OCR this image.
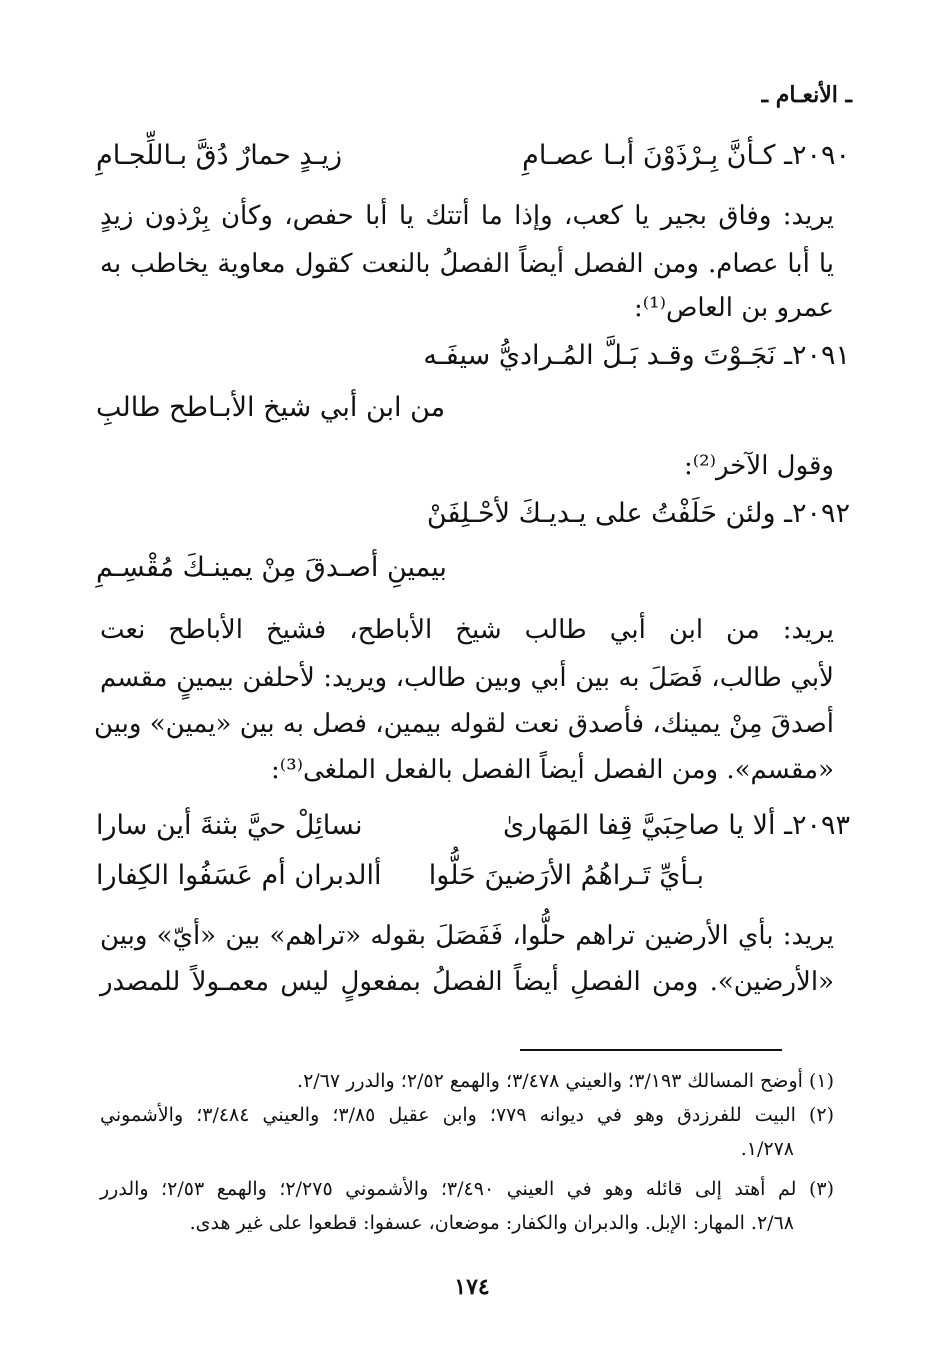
ـ الأنعـام ـ
٢٠٩٠ـ كـأنَّ بِـرْذَوْنَ أبـا عصـامِ
زيـدٍ حمارٌ دُقَّ بـاللِّجـامِ
يريد: وفاق بجير يا كعب، وإذا ما أتتك يا أبا حفص، وكأن بِرْذون زيدٍ
يا أبا عصام. ومن الفصل أيضاً الفصلُ بالنعت كقول معاوية يخاطب به
عمرو بن العاص⁽¹⁾:
٢٠٩١ـ نَجَـوْتَ وقـد بَـلَّ المُـراديُّ سيفَـه
من ابن أبي شيخ الأبـاطح طالبِ
وقول الآخر⁽²⁾:
٢٠٩٢ـ ولئن حَلَفْتُ على يـديـكَ لأحْـلِفَنْ
بيمينِ أصـدقَ مِنْ يمينـكَ مُقْسِـمِ
يريد: من ابن أبي طالب شيخ الأباطح، فشيخ الأباطح نعت
لأبي طالب، فَصَلَ به بين أبي وبين طالب، ويريد: لأحلفن بيمينٍ مقسم
أصدقَ مِنْ يمينك، فأصدق نعت لقوله بيمين، فصل به بين «يمين» وبين
«مقسم». ومن الفصل أيضاً الفصل بالفعل الملغى⁽³⁾:
٢٠٩٣ـ ألا يا صاحِبَيَّ قِفا المَهارىٰ
نسائِلْ حيَّ بثنةَ أين سارا
بـأيِّ تَـراهُمُ الأرَضينَ حَلُّوا
أالدبران أم عَسَفُوا الكِفارا
يريد: بأي الأرضين تراهم حلُّوا، فَفَصَلَ بقوله «تراهم» بين «أيّ» وبين
«الأرضين». ومن الفصلِ أيضاً الفصلُ بمفعولٍ ليس معمـولاً للمصدر
(١) أوضح المسالك ٣/١٩٣؛ والعيني ٣/٤٧٨؛ والهمع ٢/٥٢؛ والدرر ٢/٦٧.
(٢) البيت للفرزدق وهو في ديوانه ٧٧٩؛ وابن عقيل ٣/٨٥؛ والعيني ٣/٤٨٤؛ والأشموني
١/٢٧٨.
(٣) لم أهتد إلى قائله وهو في العيني ٣/٤٩٠؛ والأشموني ٢/٢٧٥؛ والهمع ٢/٥٣؛ والدرر
٢/٦٨. المهار: الإبل. والدبران والكفار: موضعان، عسفوا: قطعوا على غير هدى.
١٧٤
